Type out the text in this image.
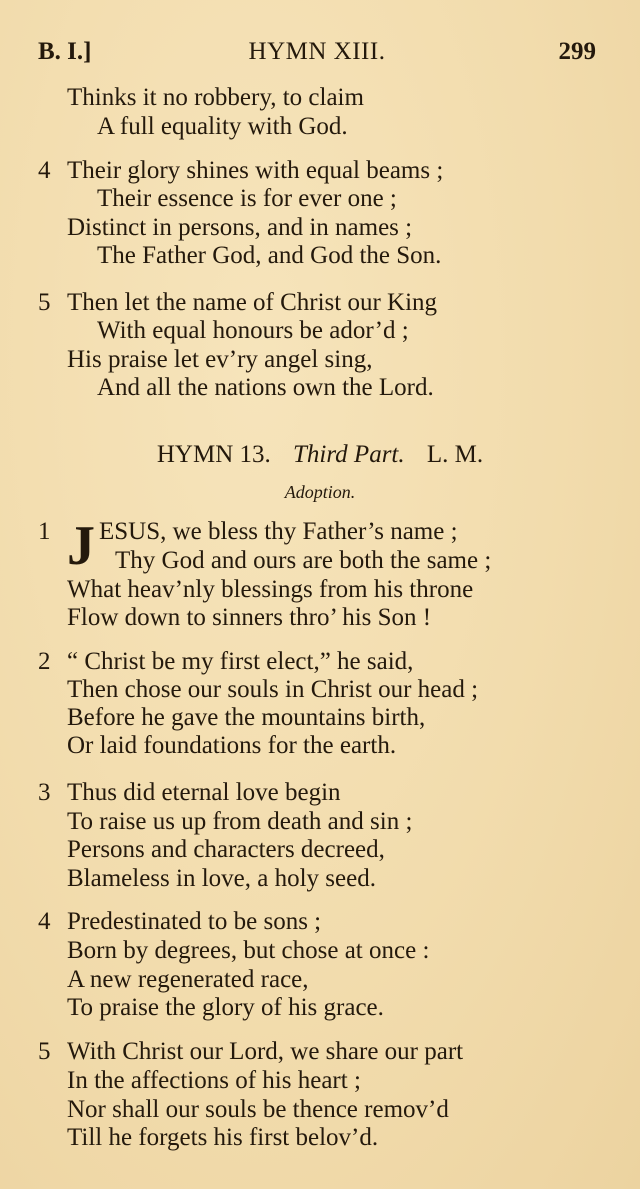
B. I.]	HYMN XIII.	299
Thinks it no robbery, to claim
A full equality with God.
4 Their glory shines with equal beams ;
Their essence is for ever one ;
Distinct in persons, and in names ;
The Father God, and God the Son.
5 Then let the name of Christ our King
With equal honours be ador’d ;
His praise let ev’ry angel sing,
And all the nations own the Lord.
HYMN 13. Third Part. L. M.
Adoption.
1 J ESUS, we bless thy Father’s name ;
Thy God and ours are both the same ;
What heav’nly blessings from his throne
Flow down to sinners thro’ his Son !
2 “ Christ be my first elect,” he said,
Then chose our souls in Christ our head ;
Before he gave the mountains birth,
Or laid foundations for the earth.
3 Thus did eternal love begin
To raise us up from death and sin ;
Persons and characters decreed,
Blameless in love, a holy seed.
4 Predestinated to be sons ;
Born by degrees, but chose at once :
A new regenerated race,
To praise the glory of his grace.
5 With Christ our Lord, we share our part
In the affections of his heart ;
Nor shall our souls be thence remov’d
Till he forgets his first belov’d.
